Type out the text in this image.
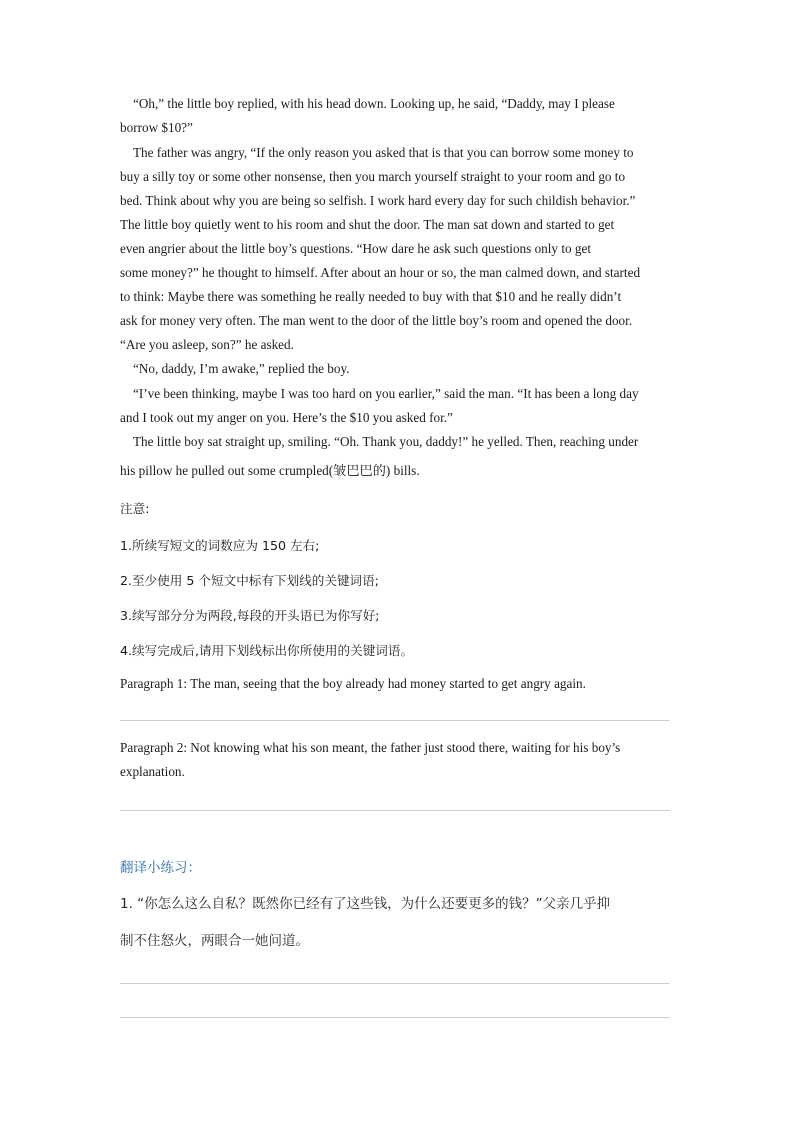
“Oh,” the little boy replied, with his head down. Looking up, he said, “Daddy, may I please
borrow $10?”
The father was angry, “If the only reason you asked that is that you can borrow some money to
buy a silly toy or some other nonsense, then you march yourself straight to your room and go to
bed. Think about why you are being so selfish. I work hard every day for such childish behavior.”
The little boy quietly went to his room and shut the door. The man sat down and started to get
even angrier about the little boy’s questions. “How dare he ask such questions only to get
some money?” he thought to himself. After about an hour or so, the man calmed down, and started
to think: Maybe there was something he really needed to buy with that $10 and he really didn’t
ask for money very often. The man went to the door of the little boy’s room and opened the door.
“Are you asleep, son?” he asked.
“No, daddy, I’m awake,” replied the boy.
“I’ve been thinking, maybe I was too hard on you earlier,” said the man. “It has been a long day
and I took out my anger on you. Here’s the $10 you asked for.”
The little boy sat straight up, smiling. “Oh. Thank you, daddy!” he yelled. Then, reaching under
his pillow he pulled out some crumpled(皱巴巴的) bills.
注意:
1.所续写短文的词数应为 150 左右;
2.至少使用 5 个短文中标有下划线的关键词语;
3.续写部分分为两段,每段的开头语已为你写好;
4.续写完成后,请用下划线标出你所使用的关键词语。
Paragraph 1: The man, seeing that the boy already had money started to get angry again.
Paragraph 2: Not knowing what his son meant, the father just stood there, waiting for his boy’s
explanation.
翻译小练习：
1. “你怎么这么自私？既然你已经有了这些钱，为什么还要更多的钱？”父亲几乎抑
制不住怒火，两眼合一她问道。
